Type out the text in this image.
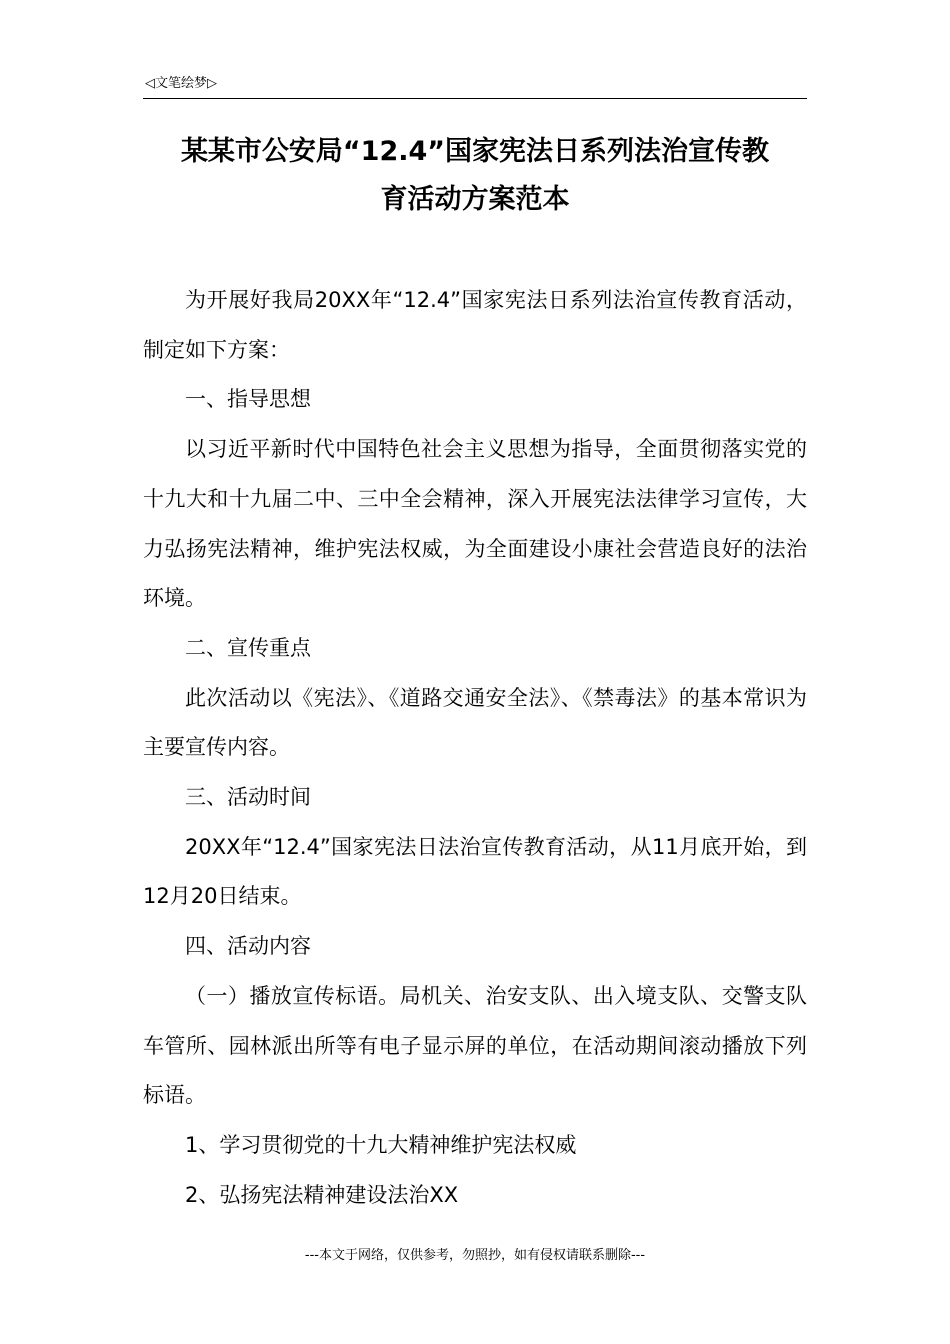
◁文笔绘梦▷
某某市公安局“12.4”国家宪法日系列法治宣传教
育活动方案范本

为开展好我局20XX年“12.4”国家宪法日系列法治宣传教育活动，制定如下方案：

一、指导思想

以习近平新时代中国特色社会主义思想为指导，全面贯彻落实党的十九大和十九届二中、三中全会精神，深入开展宪法法律学习宣传，大力弘扬宪法精神，维护宪法权威，为全面建设小康社会营造良好的法治环境。

二、宣传重点

此次活动以《宪法》、《道路交通安全法》、《禁毒法》的基本常识为主要宣传内容。

三、活动时间

20XX年“12.4”国家宪法日法治宣传教育活动，从11月底开始，到12月20日结束。

四、活动内容

（一）播放宣传标语。局机关、治安支队、出入境支队、交警支队车管所、园林派出所等有电子显示屏的单位，在活动期间滚动播放下列标语。

1、学习贯彻党的十九大精神维护宪法权威

2、弘扬宪法精神建设法治XX

---本文于网络，仅供参考，勿照抄，如有侵权请联系删除---
